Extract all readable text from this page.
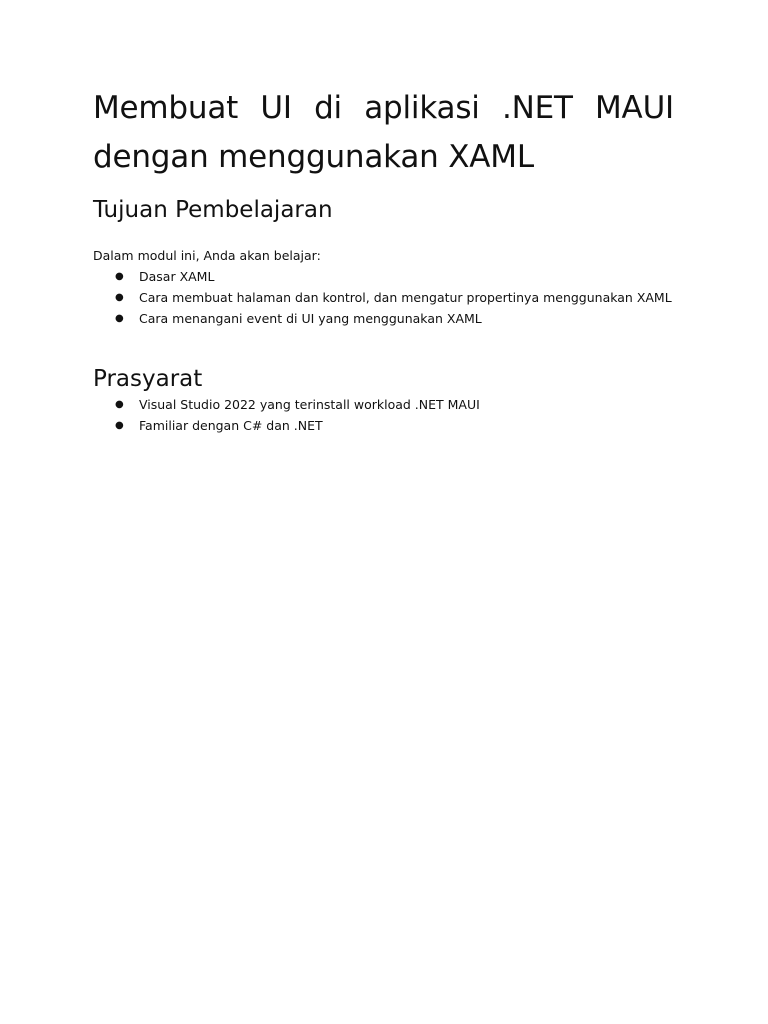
Membuat UI di aplikasi .NET MAUI dengan menggunakan XAML
Tujuan Pembelajaran

Dalam modul ini, Anda akan belajar:

● Dasar XAML
● Cara membuat halaman dan kontrol, dan mengatur propertinya menggunakan XAML
● Cara menangani event di UI yang menggunakan XAML
Prasyarat
● Visual Studio 2022 yang terinstall workload .NET MAUI
● Familiar dengan C# dan .NET
